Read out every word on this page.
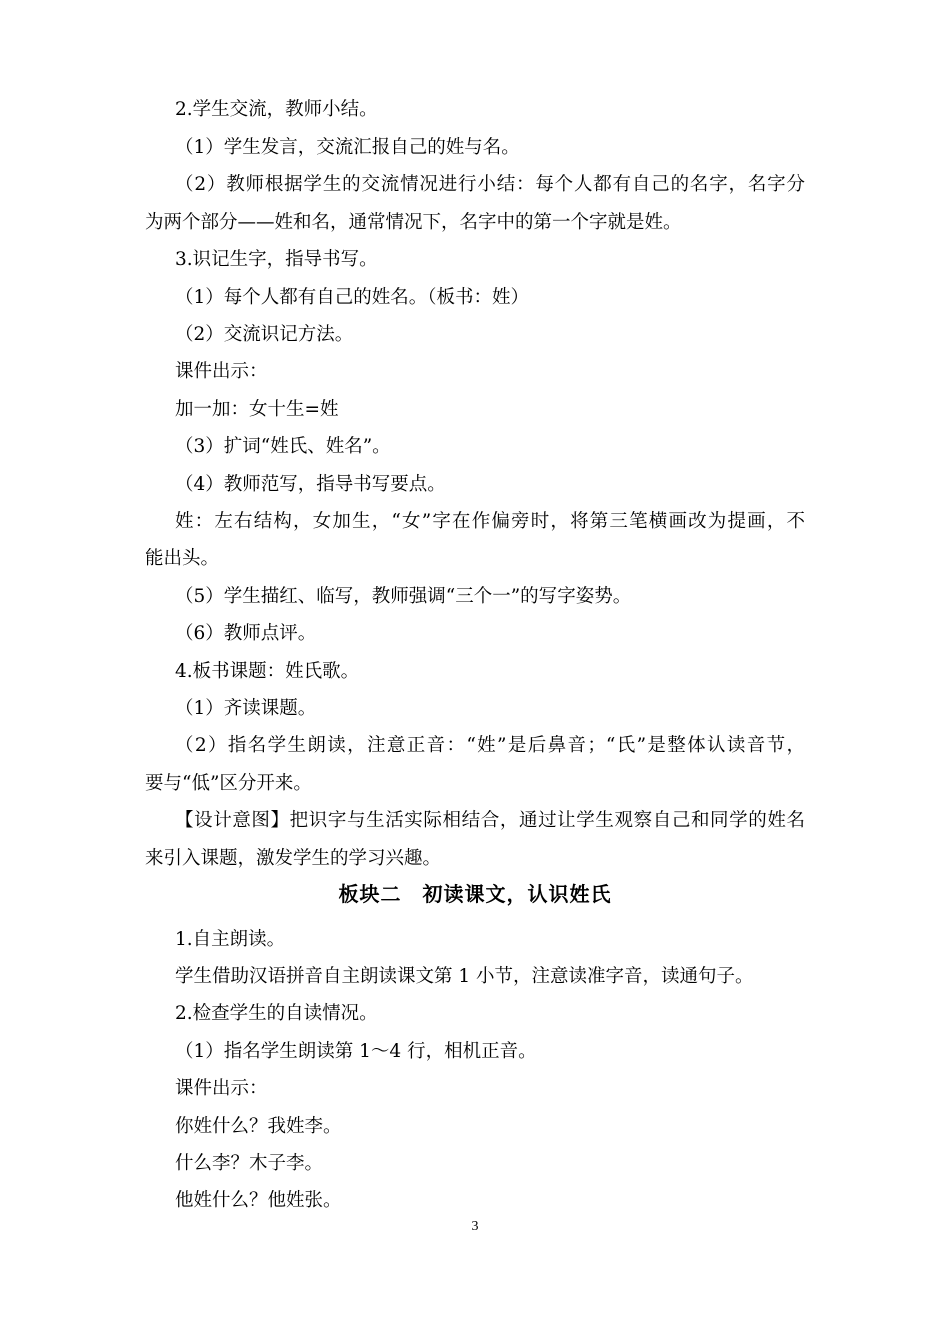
2.学生交流，教师小结。
（1）学生发言，交流汇报自己的姓与名。
（2）教师根据学生的交流情况进行小结：每个人都有自己的名字，名字分
为两个部分——姓和名，通常情况下，名字中的第一个字就是姓。
3.识记生字，指导书写。
（1）每个人都有自己的姓名。（板书：姓）
（2）交流识记方法。
课件出示：
加一加：女十生=姓
（3）扩词“姓氏、姓名”。
（4）教师范写，指导书写要点。
姓：左右结构，女加生，“女”字在作偏旁时，将第三笔横画改为提画，不
能出头。
（5）学生描红、临写，教师强调“三个一”的写字姿势。
（6）教师点评。
4.板书课题：姓氏歌。
（1）齐读课题。
（2）指名学生朗读，注意正音：“姓”是后鼻音；“氏”是整体认读音节，
要与“低”区分开来。
【设计意图】把识字与生活实际相结合，通过让学生观察自己和同学的姓名
来引入课题，激发学生的学习兴趣。
板块二　初读课文，认识姓氏
1.自主朗读。
学生借助汉语拼音自主朗读课文第 1 小节，注意读准字音，读通句子。
2.检查学生的自读情况。
（1）指名学生朗读第 1～4 行，相机正音。
课件出示：
你姓什么？我姓李。
什么李？木子李。
他姓什么？他姓张。
3
